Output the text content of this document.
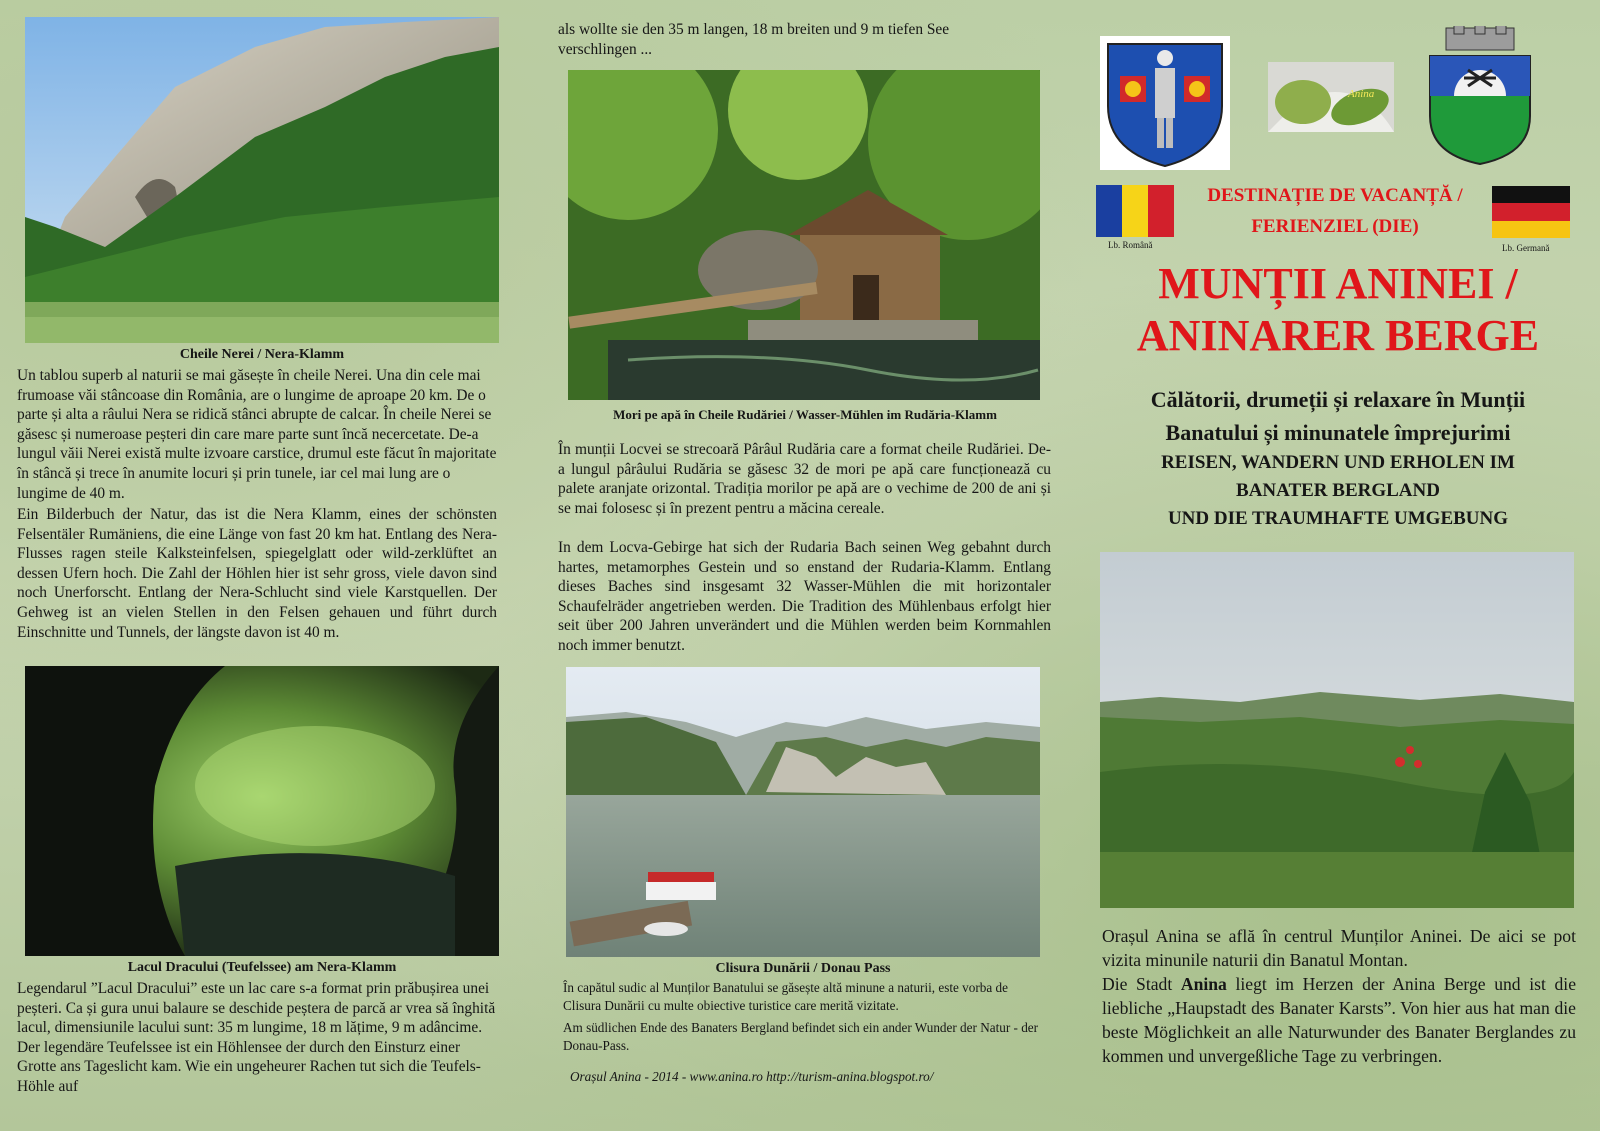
Cheile Nerei / Nera-Klamm
Un tablou superb al naturii se mai găsește în cheile Nerei. Una din cele mai frumoase văi stâncoase din România, are o lungime de aproape 20 km. De o parte și alta a râului Nera se ridică stânci abrupte de calcar. În cheile Nerei se găsesc și numeroase peșteri din care mare parte sunt încă necercetate. De-a lungul văii Nerei există multe izvoare carstice, drumul este făcut în majoritate în stâncă și trece în anumite locuri și prin tunele, iar cel mai lung are o lungime de 40 m.
Ein Bilderbuch der Natur, das ist die Nera Klamm, eines der schönsten Felsentäler Rumäniens, die eine Länge von fast 20 km hat. Entlang des Nera-Flusses ragen steile Kalksteinfelsen, spiegelglatt oder wild-zerklüftet an dessen Ufern hoch. Die Zahl der Höhlen hier ist sehr gross, viele davon sind noch Unerforscht. Entlang der Nera-Schlucht sind viele Karstquellen. Der Gehweg ist an vielen Stellen in den Felsen gehauen und führt durch Einschnitte und Tunnels, der längste davon ist 40 m.
Lacul Dracului (Teufelssee) am Nera-Klamm
Legendarul ”Lacul Dracului” este un lac care s-a format prin prăbușirea unei peșteri. Ca și gura unui balaure se deschide peștera de parcă ar vrea să înghită lacul, dimensiunile lacului sunt: 35 m lungime, 18 m lățime, 9 m adâncime. Der legendäre Teufelssee ist ein Höhlensee der durch den Einsturz einer Grotte ans Tageslicht kam. Wie ein ungeheurer Rachen tut sich die Teufels-Höhle auf
als wollte sie den 35 m langen, 18 m breiten und 9 m tiefen See verschlingen ...
Mori pe apă în Cheile Rudăriei / Wasser-Mühlen im Rudăria-Klamm
În munții Locvei se strecoară Pârâul Rudăria care a format cheile Rudăriei. De-a lungul pârâului Rudăria se găsesc 32 de mori pe apă care funcționează cu palete aranjate orizontal. Tradiția morilor pe apă are o vechime de 200 de ani și se mai folosesc și în prezent pentru a măcina cereale.
In dem Locva-Gebirge hat sich der Rudaria Bach seinen Weg gebahnt durch hartes, metamorphes Gestein und so enstand der Rudaria-Klamm. Entlang dieses Baches sind insgesamt 32 Wasser-Mühlen die mit horizontaler Schaufelräder angetrieben werden. Die Tradition des Mühlenbaus erfolgt hier seit über 200 Jahren unverändert und die Mühlen werden beim Kornmahlen noch immer benutzt.
Clisura Dunării / Donau Pass
În capătul sudic al Munților Banatului se găsește altă minune a naturii, este vorba de Clisura Dunării cu multe obiective turistice care merită vizitate.
Am südlichen Ende des Banaters Bergland befindet sich ein ander Wunder der Natur - der Donau-Pass.
Orașul Anina - 2014 - www.anina.ro http://turism-anina.blogspot.ro/
Anina
Lb. Română
DESTINAȚIE DE VACANȚĂ /
FERIENZIEL (DIE)
Lb. Germană
MUNȚII ANINEI /
ANINARER BERGE
Călătorii, drumeții și relaxare în Munții
Banatului și minunatele împrejurimi
REISEN, WANDERN UND ERHOLEN IM
BANATER BERGLAND
UND DIE TRAUMHAFTE UMGEBUNG
Orașul Anina se află în centrul Munților Aninei. De aici se pot vizita minunile naturii din Banatul Montan.
Die Stadt Anina liegt im Herzen der Anina Berge und ist die liebliche „Haupstadt des Banater Karsts”. Von hier aus hat man die beste Möglichkeit an alle Naturwunder des Banater Berglandes zu kommen und unvergeßliche Tage zu verbringen.
